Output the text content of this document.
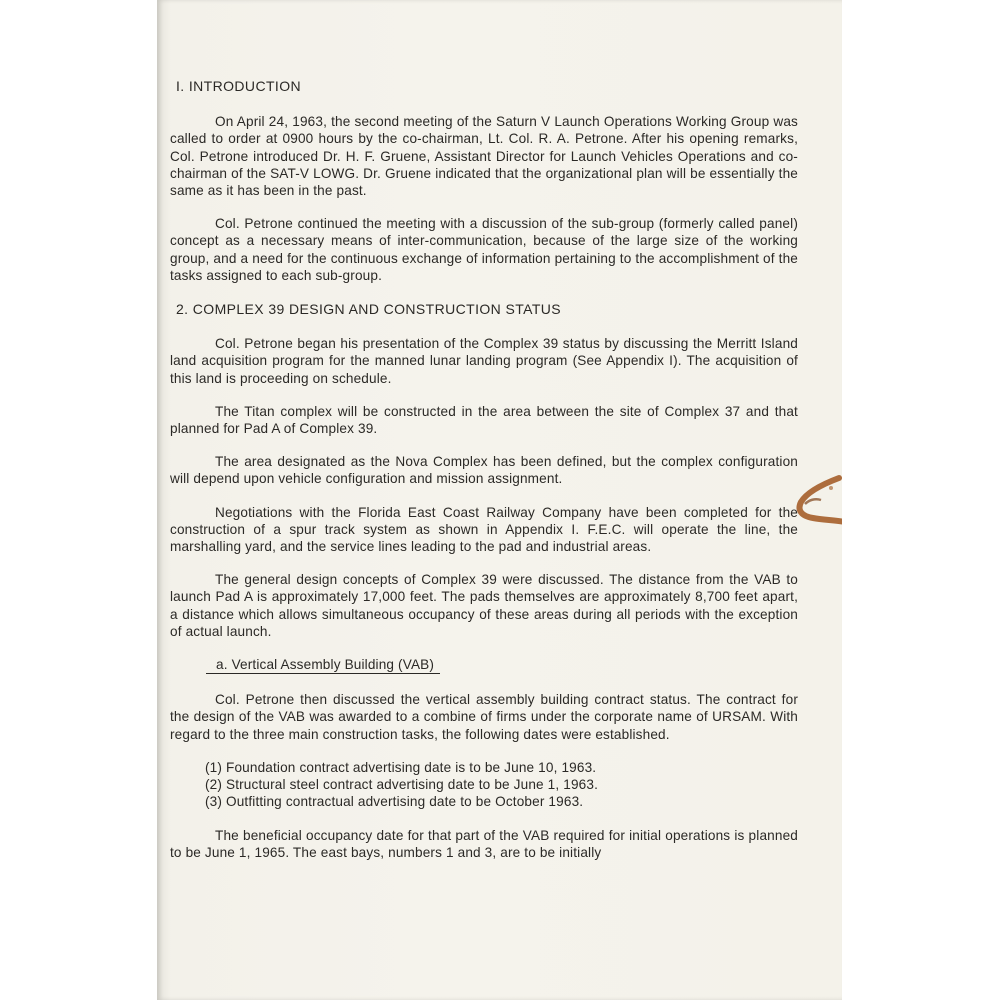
I. INTRODUCTION

On April 24, 1963, the second meeting of the Saturn V Launch Operations Working Group was called to order at 0900 hours by the co-chairman, Lt. Col. R. A. Petrone. After his opening remarks, Col. Petrone introduced Dr. H. F. Gruene, Assistant Director for Launch Vehicles Operations and co-chairman of the SAT-V LOWG. Dr. Gruene indicated that the organizational plan will be essentially the same as it has been in the past.

Col. Petrone continued the meeting with a discussion of the sub-group (formerly called panel) concept as a necessary means of inter-communication, because of the large size of the working group, and a need for the continuous exchange of information pertaining to the accomplishment of the tasks assigned to each sub-group.

2. COMPLEX 39 DESIGN AND CONSTRUCTION STATUS

Col. Petrone began his presentation of the Complex 39 status by discussing the Merritt Island land acquisition program for the manned lunar landing program (See Appendix I). The acquisition of this land is proceeding on schedule.

The Titan complex will be constructed in the area between the site of Complex 37 and that planned for Pad A of Complex 39.

The area designated as the Nova Complex has been defined, but the complex configuration will depend upon vehicle configuration and mission assignment.

Negotiations with the Florida East Coast Railway Company have been completed for the construction of a spur track system as shown in Appendix I. F.E.C. will operate the line, the marshalling yard, and the service lines leading to the pad and industrial areas.

The general design concepts of Complex 39 were discussed. The distance from the VAB to launch Pad A is approximately 17,000 feet. The pads themselves are approximately 8,700 feet apart, a distance which allows simultaneous occupancy of these areas during all periods with the exception of actual launch.

a. Vertical Assembly Building (VAB)

Col. Petrone then discussed the vertical assembly building contract status. The contract for the design of the VAB was awarded to a combine of firms under the corporate name of URSAM. With regard to the three main construction tasks, the following dates were established.

(1) Foundation contract advertising date is to be June 10, 1963.
(2) Structural steel contract advertising date to be June 1, 1963.
(3) Outfitting contractual advertising date to be October 1963.

The beneficial occupancy date for that part of the VAB required for initial operations is planned to be June 1, 1965. The east bays, numbers 1 and 3, are to be initially
